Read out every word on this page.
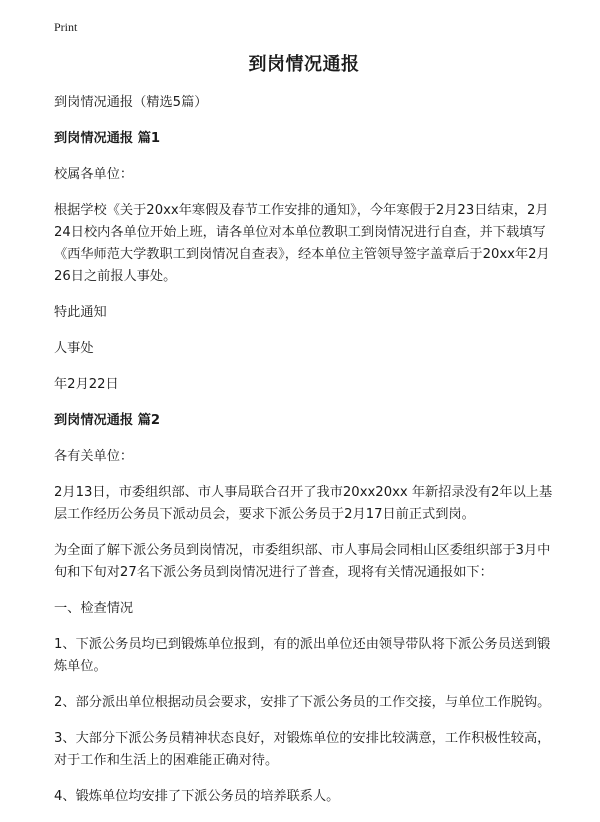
Print
到岗情况通报

到岗情况通报（精选5篇）

到岗情况通报 篇1

校属各单位：

根据学校《关于20xx年寒假及春节工作安排的通知》，今年寒假于2月23日结束，2月24日校内各单位开始上班，请各单位对本单位教职工到岗情况进行自查，并下载填写《西华师范大学教职工到岗情况自查表》，经本单位主管领导签字盖章后于20xx年2月26日之前报人事处。

特此通知

人事处

年2月22日

到岗情况通报 篇2

各有关单位：

2月13日，市委组织部、市人事局联合召开了我市20xx20xx 年新招录没有2年以上基层工作经历公务员下派动员会，要求下派公务员于2月17日前正式到岗。

为全面了解下派公务员到岗情况，市委组织部、市人事局会同相山区委组织部于3月中旬和下旬对27名下派公务员到岗情况进行了普查，现将有关情况通报如下：

一、检查情况

1、下派公务员均已到锻炼单位报到，有的派出单位还由领导带队将下派公务员送到锻炼单位。

2、部分派出单位根据动员会要求，安排了下派公务员的工作交接，与单位工作脱钩。

3、大部分下派公务员精神状态良好，对锻炼单位的安排比较满意，工作积极性较高，对于工作和生活上的困难能正确对待。

4、锻炼单位均安排了下派公务员的培养联系人。
